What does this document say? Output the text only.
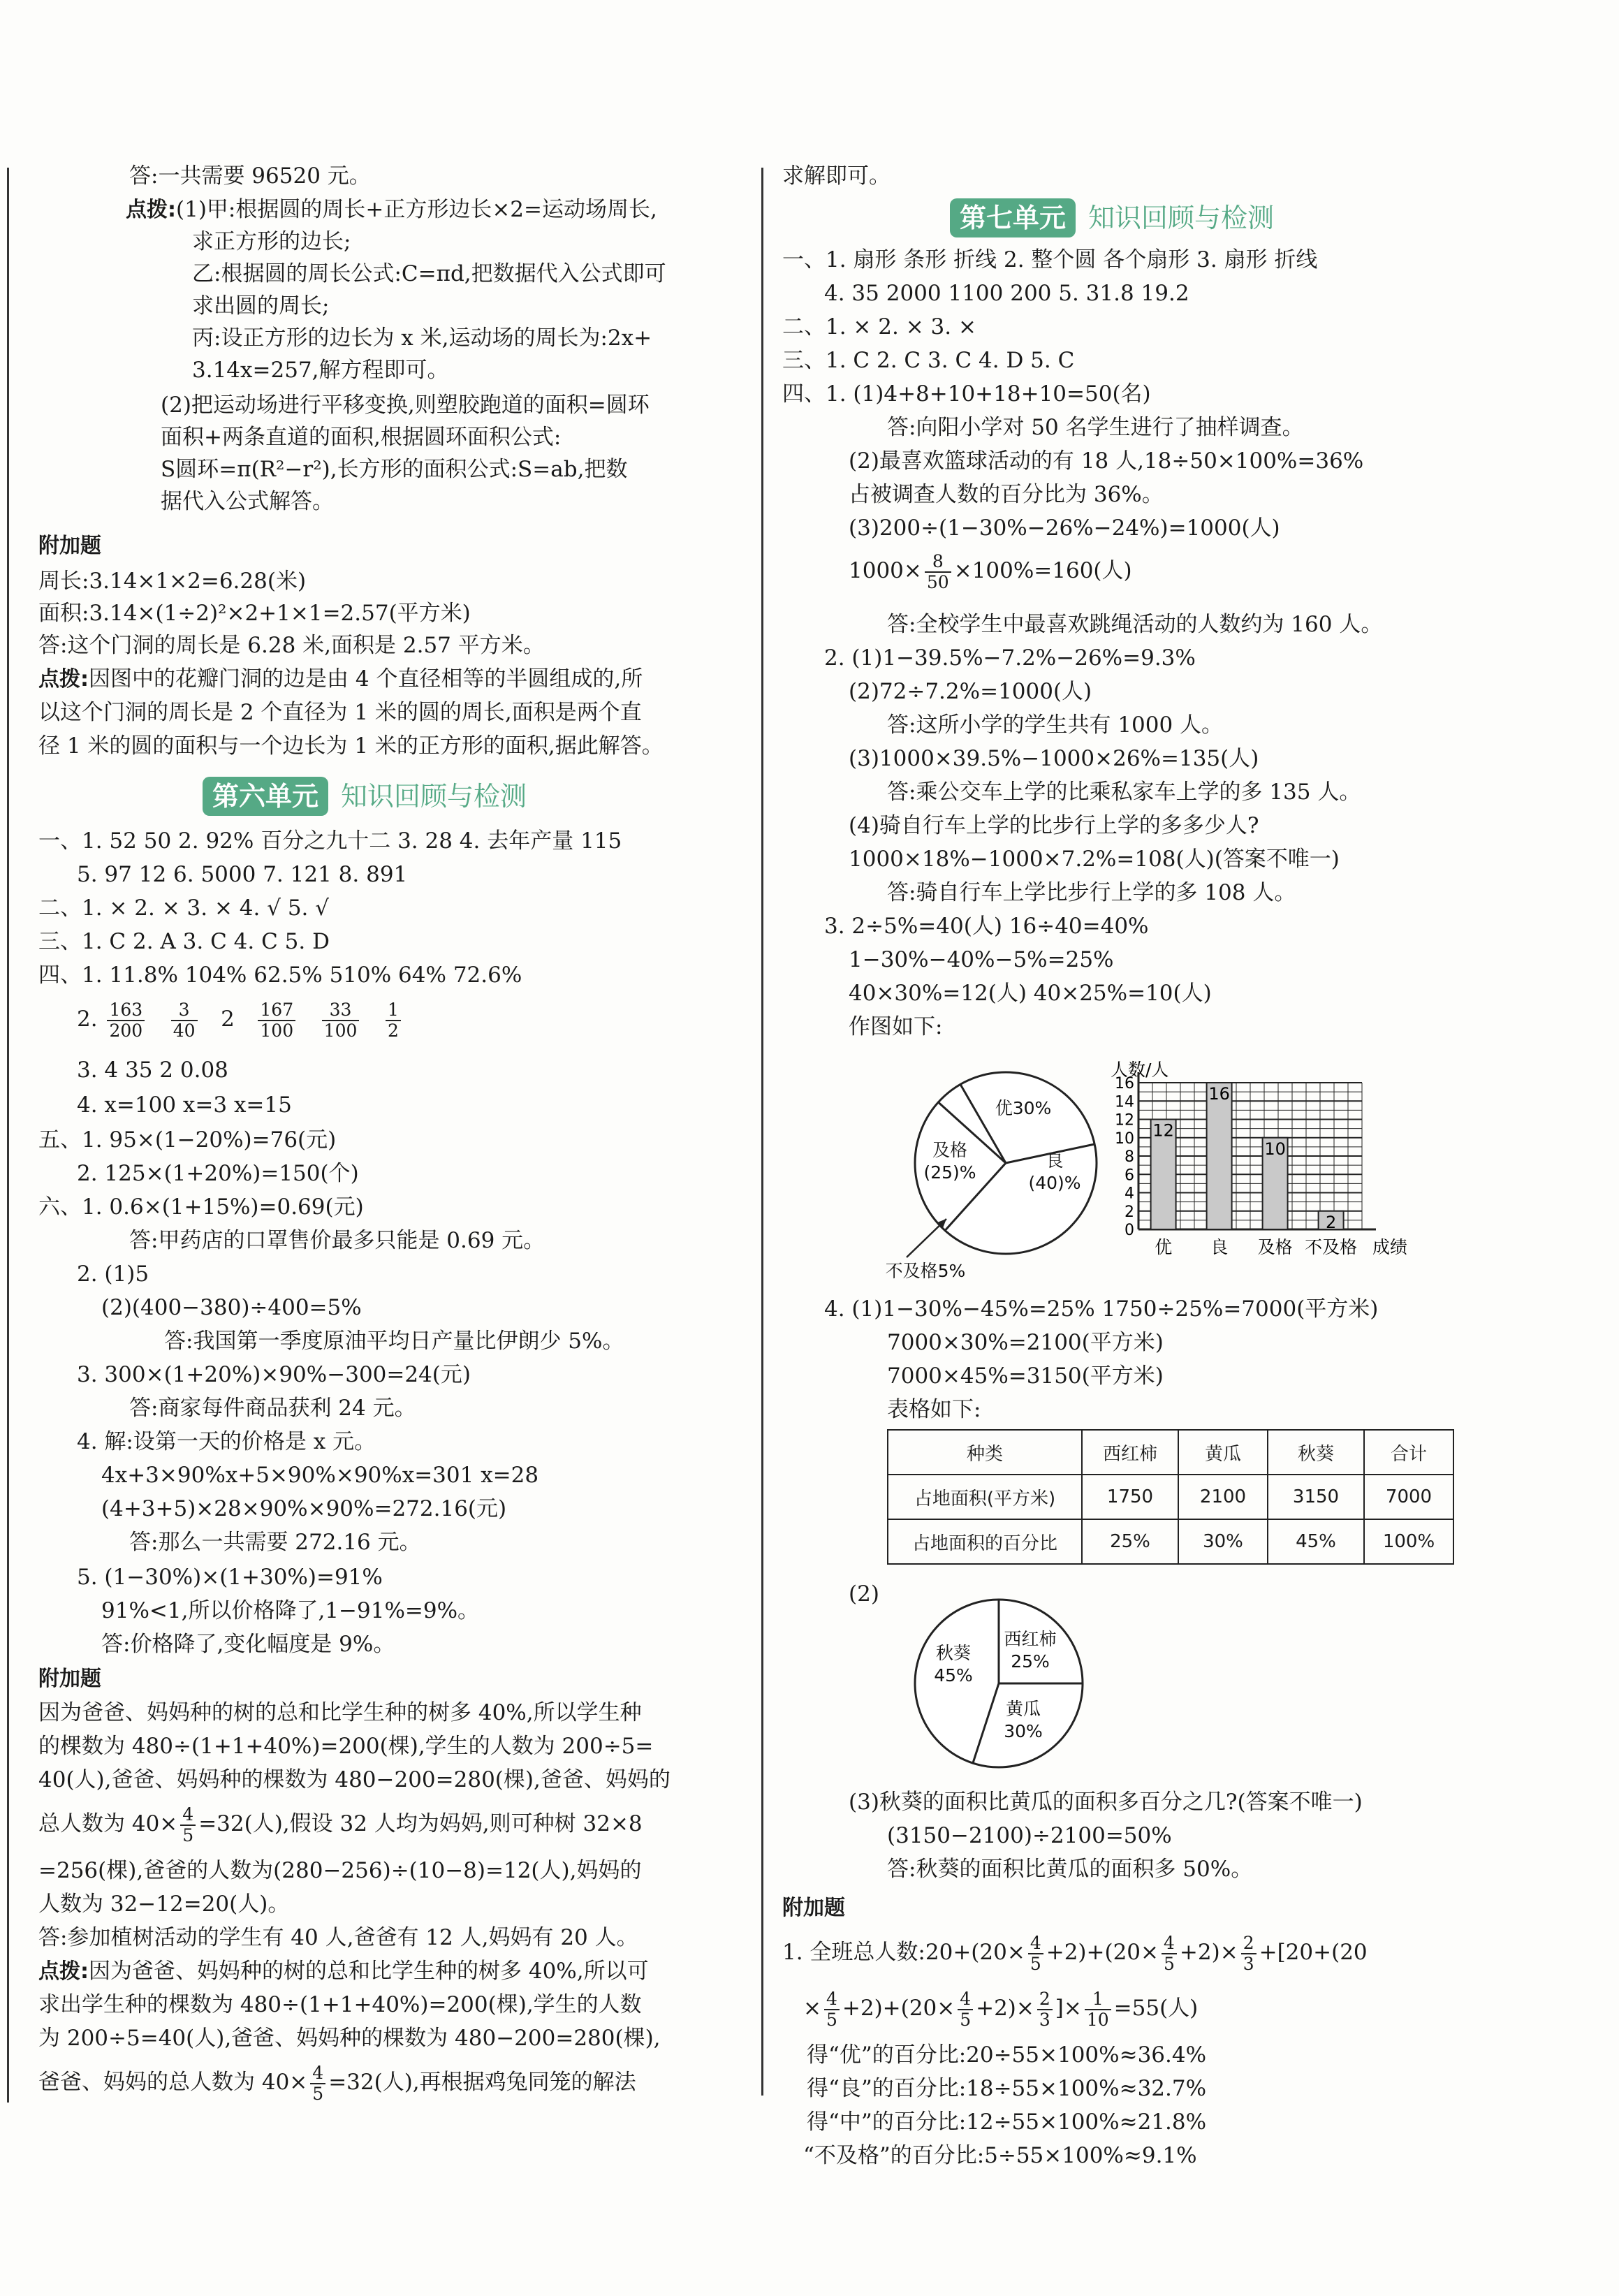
答:一共需要 96520 元。
点拨:(1)甲:根据圆的周长+正方形边长×2=运动场周长,
求正方形的边长;
乙:根据圆的周长公式:C=πd,把数据代入公式即可
求出圆的周长;
丙:设正方形的边长为 x 米,运动场的周长为:2x+
3.14x=257,解方程即可。
(2)把运动场进行平移变换,则塑胶跑道的面积=圆环
面积+两条直道的面积,根据圆环面积公式:
S圆环=π(R²−r²),长方形的面积公式:S=ab,把数
据代入公式解答。
附加题
周长:3.14×1×2=6.28(米)
面积:3.14×(1÷2)²×2+1×1=2.57(平方米)
答:这个门洞的周长是 6.28 米,面积是 2.57 平方米。
点拨:因图中的花瓣门洞的边是由 4 个直径相等的半圆组成的,所
以这个门洞的周长是 2 个直径为 1 米的圆的周长,面积是两个直
径 1 米的圆的面积与一个边长为 1 米的正方形的面积,据此解答。
第六单元 知识回顾与检测
一、1. 52 50 2. 92% 百分之九十二 3. 28 4. 去年产量 115
5. 97 12 6. 5000 7. 121 8. 891
二、1. × 2. × 3. × 4. √ 5. √
三、1. C 2. A 3. C 4. C 5. D
四、1. 11.8% 104% 62.5% 510% 64% 72.6%
2. $\frac{163}{200}$
$\frac{3}{40} 2 \frac{167}{100}$
$\frac{33}{100}$
$\frac{1}{2}$
3. 4 35 2 0.08
4. x=100 x=3 x=15
五、1. 95×(1−20%)=76(元)
2. 125×(1+20%)=150(个)
六、1. 0.6×(1+15%)=0.69(元)
答:甲药店的口罩售价最多只能是 0.69 元。
2. (1)5
(2)(400−380)÷400=5%
答:我国第一季度原油平均日产量比伊朗少 5%。
3. 300×(1+20%)×90%−300=24(元)
答:商家每件商品获利 24 元。
4. 解:设第一天的价格是 x 元。
4x+3×90%x+5×90%×90%x=301 x=28
(4+3+5)×28×90%×90%=272.16(元)
答:那么一共需要 272.16 元。
5. (1−30%)×(1+30%)=91%
91%<1,所以价格降了,1−91%=9%。
答:价格降了,变化幅度是 9%。
附加题
因为爸爸、妈妈种的树的总和比学生种的树多 40%,所以学生种
的棵数为 480÷(1+1+40%)=200(棵),学生的人数为 200÷5=
40(人),爸爸、妈妈种的棵数为 480−200=280(棵),爸爸、妈妈的
总人数为 $40\times \frac{4}{5} =32$(人),假设 32 人均为妈妈,则可种树 32×8
=256(棵),爸爸的人数为(280−256)÷(10−8)=12(人),妈妈的
人数为 32−12=20(人)。
答:参加植树活动的学生有 40 人,爸爸有 12 人,妈妈有 20 人。
点拨:因为爸爸、妈妈种的树的总和比学生种的树多 40%,所以可
求出学生种的棵数为 480÷(1+1+40%)=200(棵),学生的人数
为 200÷5=40(人),爸爸、妈妈种的棵数为 480−200=280(棵),
爸爸、妈妈的总人数为 $40\times \frac{4}{5} =32$(人),再根据鸡兔同笼的解法
求解即可。
第七单元 知识回顾与检测
一、1. 扇形 条形 折线 2. 整个圆 各个扇形 3. 扇形 折线
4. 35 2000 1100 200 5. 31.8 19.2
二、1. × 2. × 3. ×
三、1. C 2. C 3. C 4. D 5. C
四、1. (1)4+8+10+18+10=50(名)
答:向阳小学对 50 名学生进行了抽样调查。
(2)最喜欢篮球活动的有 18 人,18÷50×100%=36%
占被调查人数的百分比为 36%。
(3)200÷(1−30%−26%−24%)=1000(人)
$1000\times \frac{8}{50} \times 100\%=160$(人)
答:全校学生中最喜欢跳绳活动的人数约为 160 人。
2. (1)1−39.5%−7.2%−26%=9.3%
(2)72÷7.2%=1000(人)
答:这所小学的学生共有 1000 人。
(3)1000×39.5%−1000×26%=135(人)
答:乘公交车上学的比乘私家车上学的多 135 人。
(4)骑自行车上学的比步行上学的多多少人?
1000×18%−1000×7.2%=108(人)(答案不唯一)
答:骑自行车上学比步行上学的多 108 人。
3. 2÷5%=40(人) 16÷40=40%
1−30%−40%−5%=25%
40×30%=12(人) 40×25%=10(人)
作图如下:
优30%
良
(40)%
及格
(25)%
不及格5%
人数/人
0
2
4
6
8
10
12
14
16
12
优
16
良
10
及格
2
不及格 成绩
4. (1)1−30%−45%=25% 1750÷25%=7000(平方米)
7000×30%=2100(平方米)
7000×45%=3150(平方米)
表格如下:
种类	西红柿	黄瓜	秋葵	合计
占地面积(平方米)	1750	2100	3150	7000
占地面积的百分比	25%	30%	45%	100%
(2)
西红柿
25%
黄瓜
30%
秋葵
45%
(3)秋葵的面积比黄瓜的面积多百分之几?(答案不唯一)
(3150−2100)÷2100=50%
答:秋葵的面积比黄瓜的面积多 50%。
附加题
1. 全班总人数:20+(20× $\frac{4}{5} +2)+(20\times \frac{4}{5} +2)\times \frac{2}{3} +[20+(20$
× $\frac{4}{5} +2)+(20\times \frac{4}{5} +2)\times \frac{2}{3}$ ]× $\frac{1}{10} =55$(人)
得“优”的百分比:20÷55×100%≈36.4%
得“良”的百分比:18÷55×100%≈32.7%
得“中”的百分比:12÷55×100%≈21.8%
“不及格”的百分比:5÷55×100%≈9.1%
